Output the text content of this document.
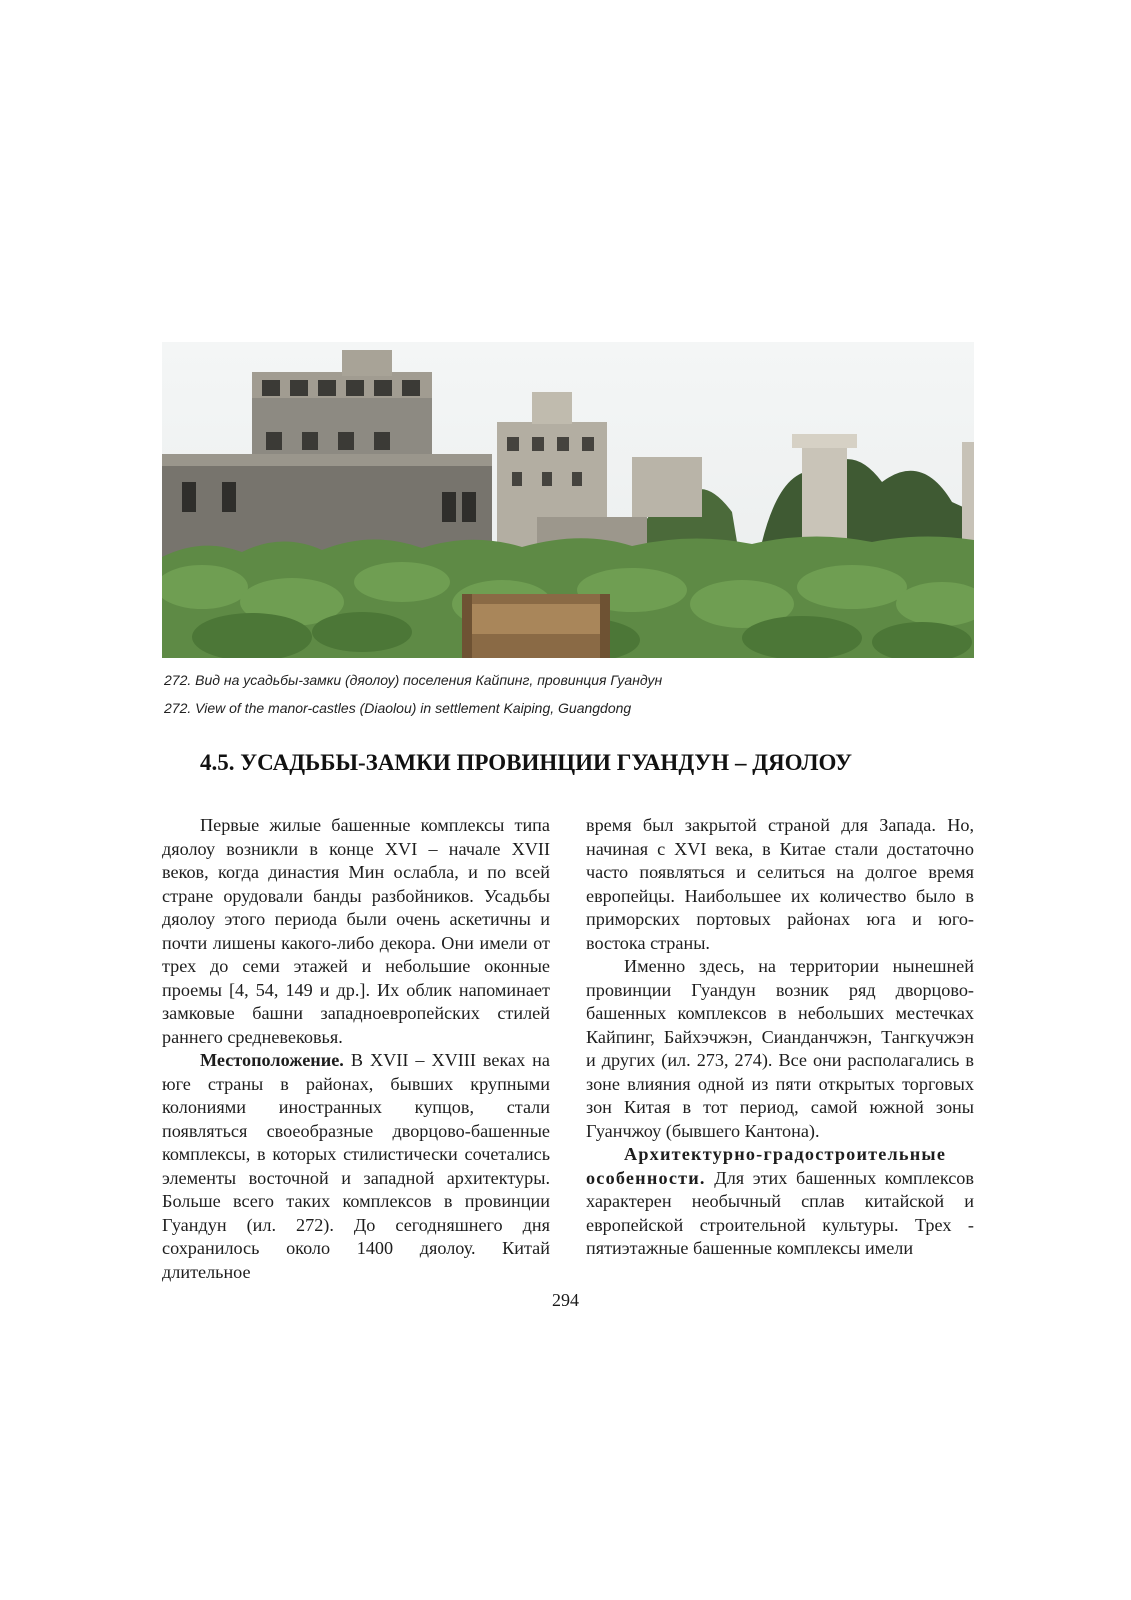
272. Вид на усадьбы-замки (дяолоу) поселения Кайпинг, провинция Гуандун
272. View of the manor-castles (Diaolou) in settlement Kaiping, Guangdong
4.5. УСАДЬБЫ-ЗАМКИ ПРОВИНЦИИ ГУАНДУН – ДЯОЛОУ

Первые жилые башенные комплексы типа дяолоу возникли в конце XVI – начале XVII веков, когда династия Мин ослабла, и по всей стране орудовали банды разбойников. Усадьбы дяолоу этого периода были очень аскетичны и почти лишены какого-либо декора. Они имели от трех до семи этажей и небольшие оконные проемы [4, 54, 149 и др.]. Их облик напоминает замковые башни западноевропейских стилей раннего средневековья.

Местоположение. В XVII – XVIII веках на юге страны в районах, бывших крупными колониями иностранных купцов, стали появляться своеобразные дворцово-башенные комплексы, в которых стилистически сочетались элементы восточной и западной архитектуры. Больше всего таких комплексов в провинции Гуандун (ил. 272). До сегодняшнего дня сохранилось около 1400 дяолоу. Китай длительное

время был закрытой страной для Запада. Но, начиная с XVI века, в Китае стали достаточно часто появляться и селиться на долгое время европейцы. Наибольшее их количество было в приморских портовых районах юга и юго-востока страны.

Именно здесь, на территории нынешней провинции Гуандун возник ряд дворцово-башенных комплексов в небольших местечках Кайпинг, Байхэчжэн, Сианданчжэн, Тангкучжэн и других (ил. 273, 274). Все они располагались в зоне влияния одной из пяти открытых торговых зон Китая в тот период, самой южной зоны Гуанчжоу (бывшего Кантона).

Архитектурно-градостроительные особенности. Для этих башенных комплексов характерен необычный сплав китайской и европейской строительной культуры. Трех - пятиэтажные башенные комплексы имели

294
